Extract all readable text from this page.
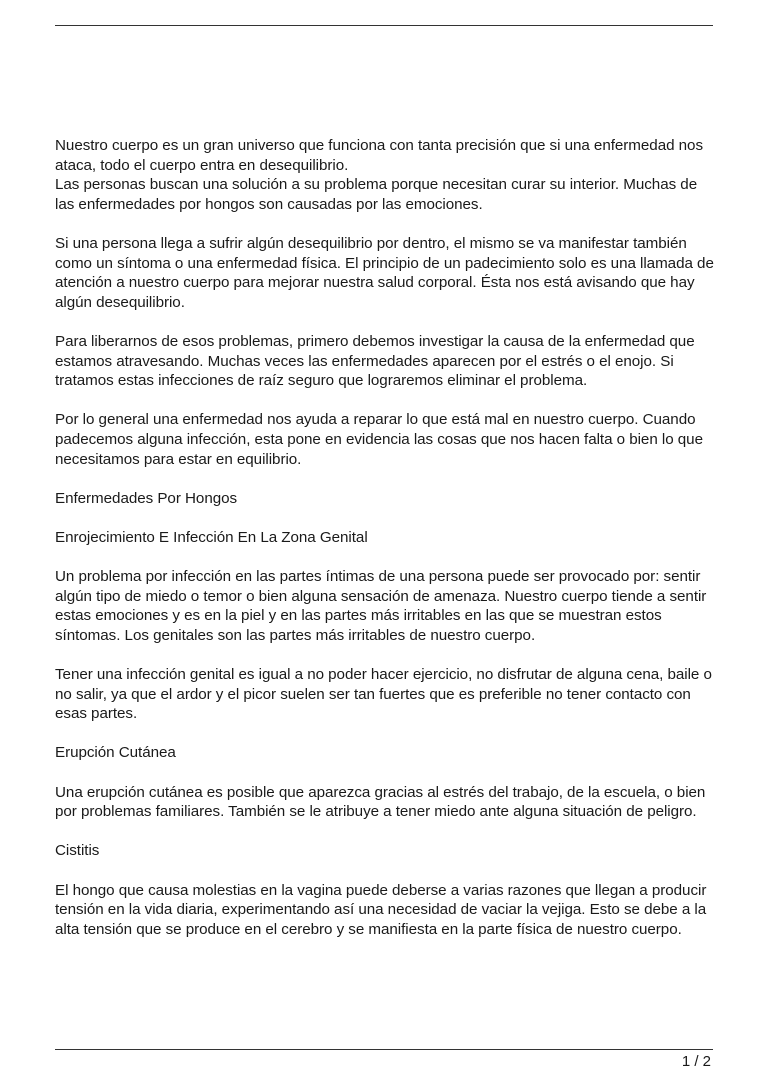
Nuestro cuerpo es un gran universo que funciona con tanta precisión que si una enfermedad nos ataca, todo el cuerpo entra en desequilibrio.

Las personas buscan una solución a su problema porque necesitan curar su interior. Muchas de las enfermedades por hongos son causadas por las emociones.

Si una persona llega a sufrir algún desequilibrio por dentro, el mismo se va manifestar también como un síntoma o una enfermedad física. El principio de un padecimiento solo es una llamada de atención a nuestro cuerpo para mejorar nuestra salud corporal. Ésta nos está avisando que hay algún desequilibrio.

Para liberarnos de esos problemas, primero debemos investigar la causa de la enfermedad que estamos atravesando. Muchas veces las enfermedades aparecen por el estrés o el enojo. Si tratamos estas infecciones de raíz seguro que lograremos eliminar el problema.

Por lo general una enfermedad nos ayuda a reparar lo que está mal en nuestro cuerpo. Cuando padecemos alguna infección, esta pone en evidencia las cosas que nos hacen falta o bien lo que necesitamos para estar en equilibrio.

Enfermedades Por Hongos

Enrojecimiento E Infección En La Zona Genital

Un problema por infección en las partes íntimas de una persona puede ser provocado por: sentir algún tipo de miedo o temor o bien alguna sensación de amenaza. Nuestro cuerpo tiende a sentir estas emociones y es en la piel y en las partes más irritables en las que se muestran estos síntomas. Los genitales son las partes más irritables de nuestro cuerpo.

Tener una infección genital es igual a no poder hacer ejercicio, no disfrutar de alguna cena, baile o no salir, ya que el ardor y el picor suelen ser tan fuertes que es preferible no tener contacto con esas partes.

Erupción Cutánea

Una erupción cutánea es posible que aparezca gracias al estrés del trabajo, de la escuela, o bien por problemas familiares. También se le atribuye a tener miedo ante alguna situación de peligro.

Cistitis

El hongo que causa molestias en la vagina puede deberse a varias razones que llegan a producir tensión en la vida diaria, experimentando así una necesidad de vaciar la vejiga. Esto se debe a la alta tensión que se produce en el cerebro y se manifiesta en la parte física de nuestro cuerpo.

1 / 2
